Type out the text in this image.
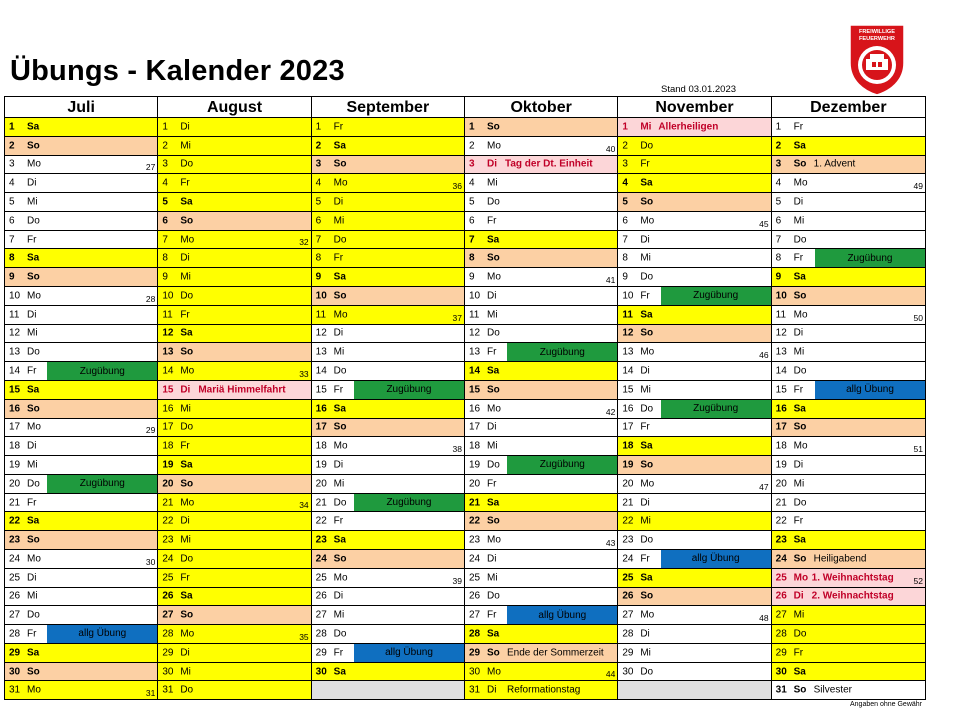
Übungs - Kalender 2023
Stand 03.01.2023
FREIWILLIGE
FEUERWEHR
Juli
1 Sa
2 So
3 Mo	27
4 Di
5 Mi
6 Do
7 Fr
8 Sa
9 So
10 Mo	28
11 Di
12 Mi
13 Do
14 Fr	Zugübung
15 Sa
16 So
17 Mo	29
18 Di
19 Mi
20 Do	Zugübung
21 Fr
22 Sa
23 So
24 Mo	30
25 Di
26 Mi
27 Do
28 Fr	allg Übung
29 Sa
30 So
31 Mo	31
August
1 Di
2 Mi
3 Do
4 Fr
5 Sa
6 So
7 Mo	32
8 Di
9 Mi
10 Do
11 Fr
12 Sa
13 So
14 Mo	33
15 Di Mariä Himmelfahrt
16 Mi
17 Do
18 Fr
19 Sa
20 So
21 Mo	34
22 Di
23 Mi
24 Do
25 Fr
26 Sa
27 So
28 Mo	35
29 Di
30 Mi
31 Do
September
1 Fr
2 Sa
3 So
4 Mo	36
5 Di
6 Mi
7 Do
8 Fr
9 Sa
10 So
11 Mo	37
12 Di
13 Mi
14 Do
15 Fr	Zugübung
16 Sa
17 So
18 Mo	38
19 Di
20 Mi
21 Do	Zugübung
22 Fr
23 Sa
24 So
25 Mo	39
26 Di
27 Mi
28 Do
29 Fr	allg Übung
30 Sa
Oktober
1 So
2 Mo	40
3 Di Tag der Dt. Einheit
4 Mi
5 Do
6 Fr
7 Sa
8 So
9 Mo	41
10 Di
11 Mi
12 Do
13 Fr	Zugübung
14 Sa
15 So
16 Mo	42
17 Di
18 Mi
19 Do	Zugübung
20 Fr
21 Sa
22 So
23 Mo	43
24 Di
25 Mi
26 Do
27 Fr	allg Übung
28 Sa
29 So Ende der Sommerzeit
30 Mo	44
31 Di Reformationstag
November
1 Mi Allerheiligen
2 Do
3 Fr
4 Sa
5 So
6 Mo	45
7 Di
8 Mi
9 Do
10 Fr	Zugübung
11 Sa
12 So
13 Mo	46
14 Di
15 Mi
16 Do	Zugübung
17 Fr
18 Sa
19 So
20 Mo	47
21 Di
22 Mi
23 Do
24 Fr	allg Übung
25 Sa
26 So
27 Mo	48
28 Di
29 Mi
30 Do
Dezember
1 Fr
2 Sa
3 So 1. Advent
4 Mo	49
5 Di
6 Mi
7 Do
8 Fr	Zugübung
9 Sa
10 So
11 Mo	50
12 Di
13 Mi
14 Do
15 Fr	allg Übung
16 Sa
17 So
18 Mo	51
19 Di
20 Mi
21 Do
22 Fr
23 Sa
24 So Heiligabend
25 Mo 1. Weihnachtstag 52
26 Di 2. Weihnachtstag
27 Mi
28 Do
29 Fr
30 Sa
31 So Silvester
Angaben ohne Gewähr
